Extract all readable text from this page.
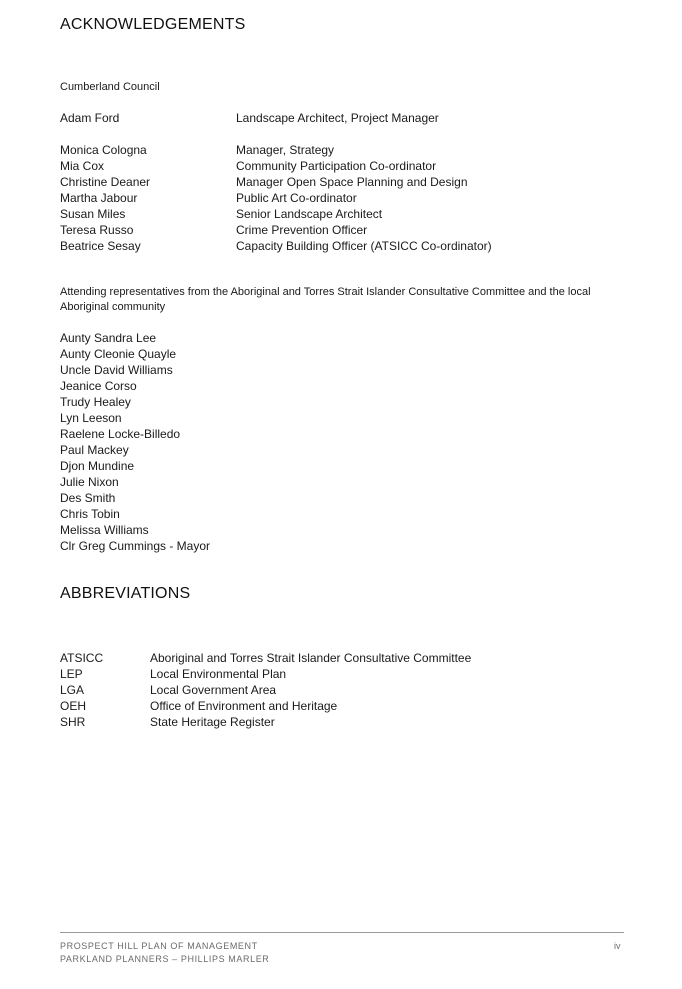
ACKNOWLEDGEMENTS
Cumberland Council
Adam Ford	Landscape Architect, Project Manager
Monica Cologna	Manager, Strategy
Mia Cox	Community Participation Co-ordinator
Christine Deaner	Manager Open Space Planning and Design
Martha Jabour	Public Art Co-ordinator
Susan Miles	Senior Landscape Architect
Teresa Russo	Crime Prevention Officer
Beatrice Sesay	Capacity Building Officer (ATSICC Co-ordinator)
Attending representatives from the Aboriginal and Torres Strait Islander Consultative Committee and the local
Aboriginal community
Aunty Sandra Lee
Aunty Cleonie Quayle
Uncle David Williams
Jeanice Corso
Trudy Healey
Lyn Leeson
Raelene Locke-Billedo
Paul Mackey
Djon Mundine
Julie Nixon
Des Smith
Chris Tobin
Melissa Williams
Clr Greg Cummings - Mayor
ABBREVIATIONS
ATSICC	Aboriginal and Torres Strait Islander Consultative Committee
LEP	Local Environmental Plan
LGA	Local Government Area
OEH	Office of Environment and Heritage
SHR	State Heritage Register
PROSPECT HILL PLAN OF MANAGEMENT
PARKLAND PLANNERS – PHILLIPS MARLER
iv
